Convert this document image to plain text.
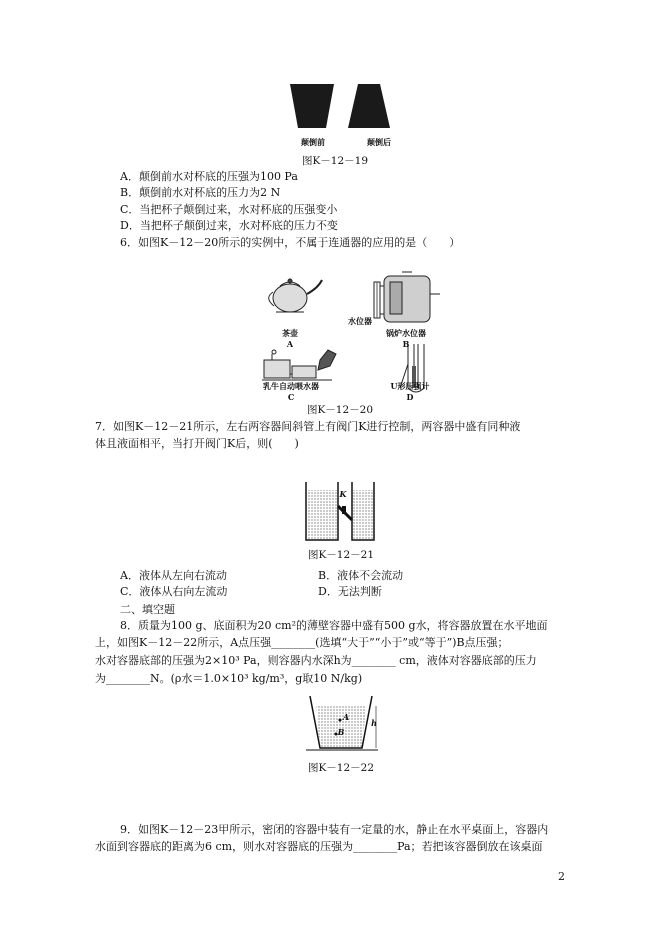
颠倒前	颠倒后
图K－12－19
A．颠倒前水对杯底的压强为100 Pa
B．颠倒前水对杯底的压力为2 N
C．当把杯子颠倒过来，水对杯底的压强变小
D．当把杯子颠倒过来，水对杯底的压力不变
6．如图K－12－20所示的实例中，不属于连通器的应用的是（　　）
茶壶
A
水位器
锅炉水位器
B
乳牛自动喂水器
C
U形压强计
D
图K－12－20
7．如图K－12－21所示，左右两容器间斜管上有阀门K进行控制，两容器中盛有同种液
体且液面相平，当打开阀门K后，则(　　)
K
图K－12－21
A．液体从左向右流动	B．液体不会流动
C．液体从右向左流动	D．无法判断
二、填空题
8．质量为100 g、底面积为20 cm²的薄壁容器中盛有500 g水，将容器放置在水平地面
上，如图K－12－22所示，A点压强________(选填“大于”“小于”或“等于”)B点压强；
水对容器底部的压强为2×10³ Pa，则容器内水深h为________ cm，液体对容器底部的压力
为________N。(ρ水＝1.0×10³ kg/m³，g取10 N/kg)
A
B
h
图K－12－22
9．如图K－12－23甲所示，密闭的容器中装有一定量的水，静止在水平桌面上，容器内
水面到容器底的距离为6 cm，则水对容器底的压强为________Pa；若把该容器倒放在该桌面
2
